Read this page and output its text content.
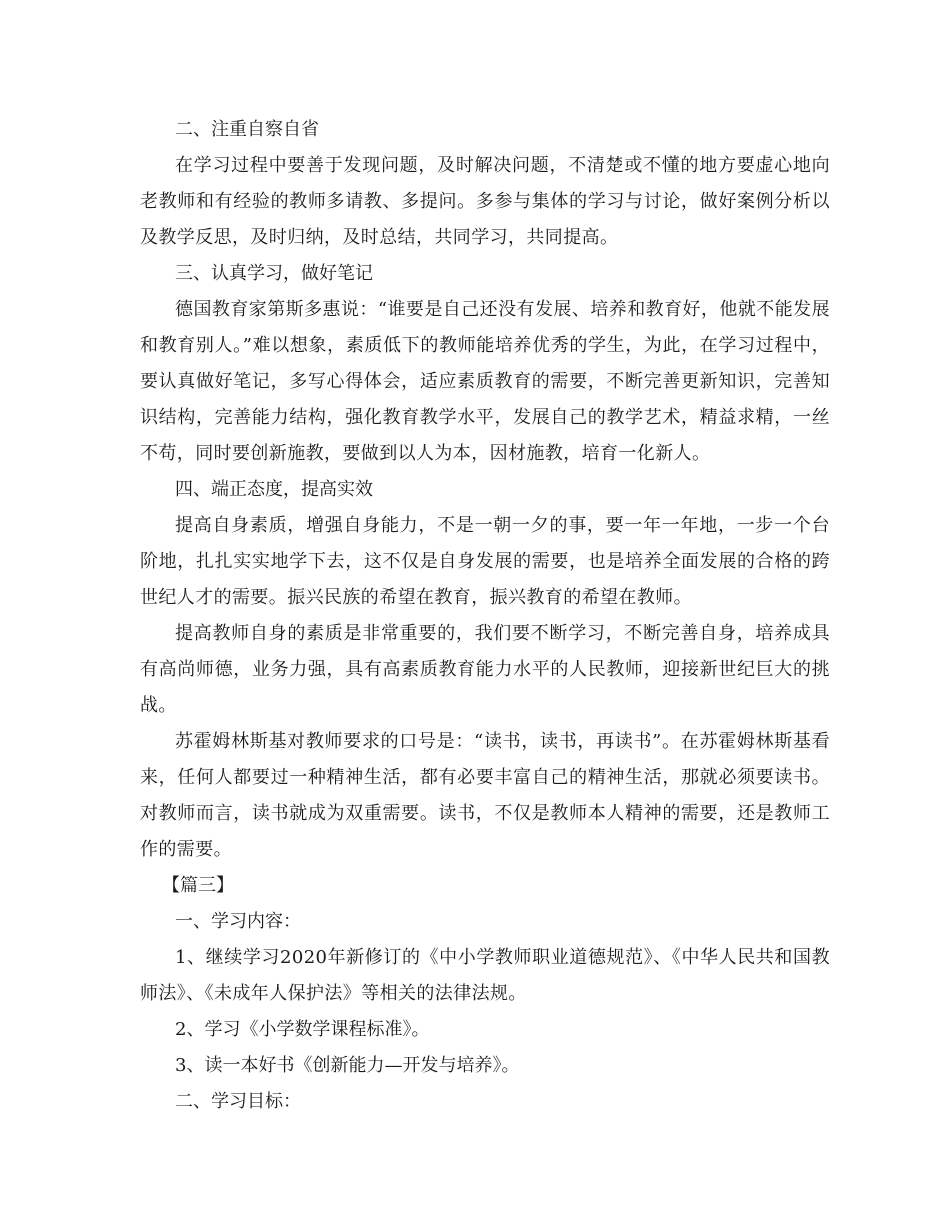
二、注重自察自省

在学习过程中要善于发现问题，及时解决问题，不清楚或不懂的地方要虚心地向老教师和有经验的教师多请教、多提问。多参与集体的学习与讨论，做好案例分析以及教学反思，及时归纳，及时总结，共同学习，共同提高。

三、认真学习，做好笔记

德国教育家第斯多惠说：“谁要是自己还没有发展、培养和教育好，他就不能发展和教育别人。”难以想象，素质低下的教师能培养优秀的学生，为此，在学习过程中，要认真做好笔记，多写心得体会，适应素质教育的需要，不断完善更新知识，完善知识结构，完善能力结构，强化教育教学水平，发展自己的教学艺术，精益求精，一丝不苟，同时要创新施教，要做到以人为本，因材施教，培育一化新人。

四、端正态度，提高实效

提高自身素质，增强自身能力，不是一朝一夕的事，要一年一年地，一步一个台阶地，扎扎实实地学下去，这不仅是自身发展的需要，也是培养全面发展的合格的跨世纪人才的需要。振兴民族的希望在教育，振兴教育的希望在教师。

提高教师自身的素质是非常重要的，我们要不断学习，不断完善自身，培养成具有高尚师德，业务力强，具有高素质教育能力水平的人民教师，迎接新世纪巨大的挑战。

苏霍姆林斯基对教师要求的口号是：“读书，读书，再读书”。在苏霍姆林斯基看来，任何人都要过一种精神生活，都有必要丰富自己的精神生活，那就必须要读书。对教师而言，读书就成为双重需要。读书，不仅是教师本人精神的需要，还是教师工作的需要。

【篇三】

一、学习内容：

1、继续学习2020年新修订的《中小学教师职业道德规范》、《中华人民共和国教师法》、《未成年人保护法》等相关的法律法规。

2、学习《小学数学课程标准》。

3、读一本好书《创新能力—开发与培养》。

二、学习目标：
